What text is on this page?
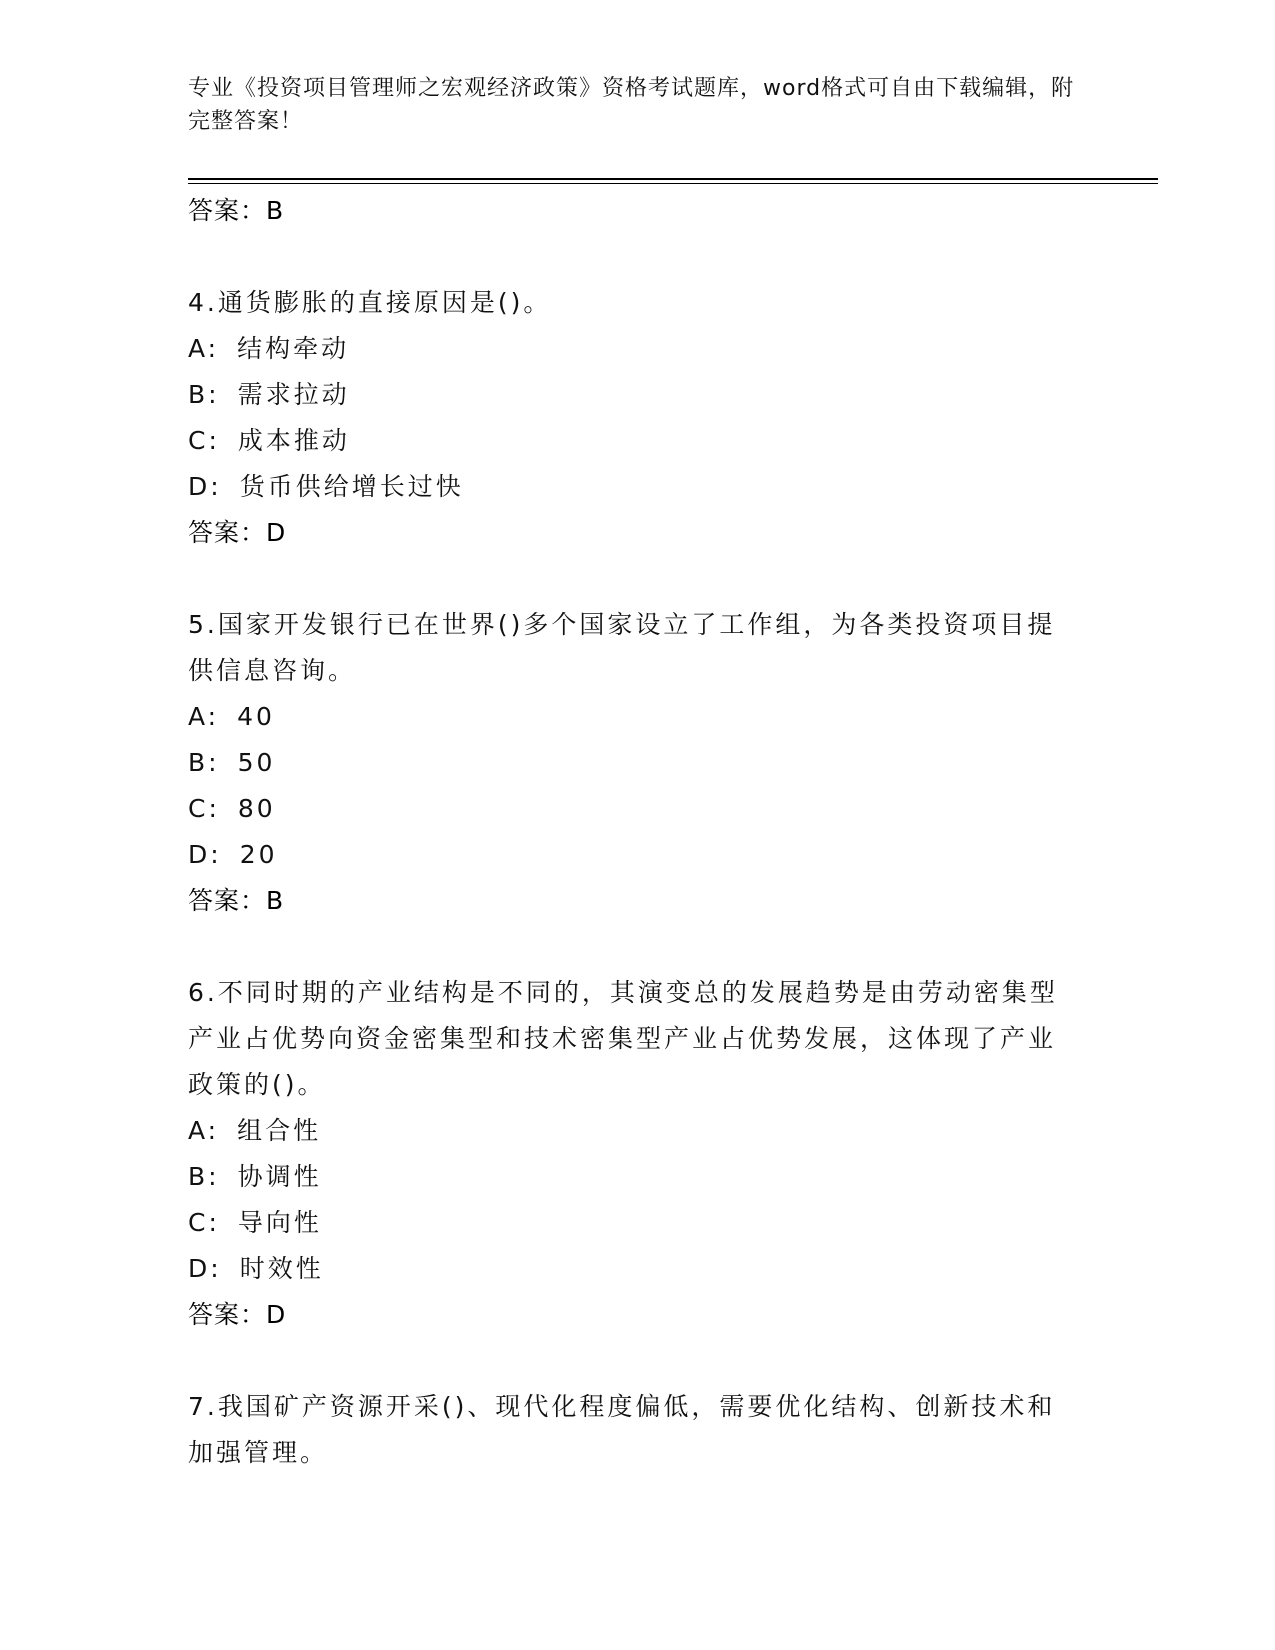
专业《投资项目管理师之宏观经济政策》资格考试题库，word格式可自由下载编辑，附完整答案！
答案：B
4.通货膨胀的直接原因是()。
A: 结构牵动
B: 需求拉动
C: 成本推动
D: 货币供给增长过快
答案：D
5.国家开发银行已在世界()多个国家设立了工作组，为各类投资项目提供信息咨询。
A: 40
B: 50
C: 80
D: 20
答案：B
6.不同时期的产业结构是不同的，其演变总的发展趋势是由劳动密集型产业占优势向资金密集型和技术密集型产业占优势发展，这体现了产业政策的()。
A: 组合性
B: 协调性
C: 导向性
D: 时效性
答案：D
7.我国矿产资源开采()、现代化程度偏低，需要优化结构、创新技术和加强管理。
